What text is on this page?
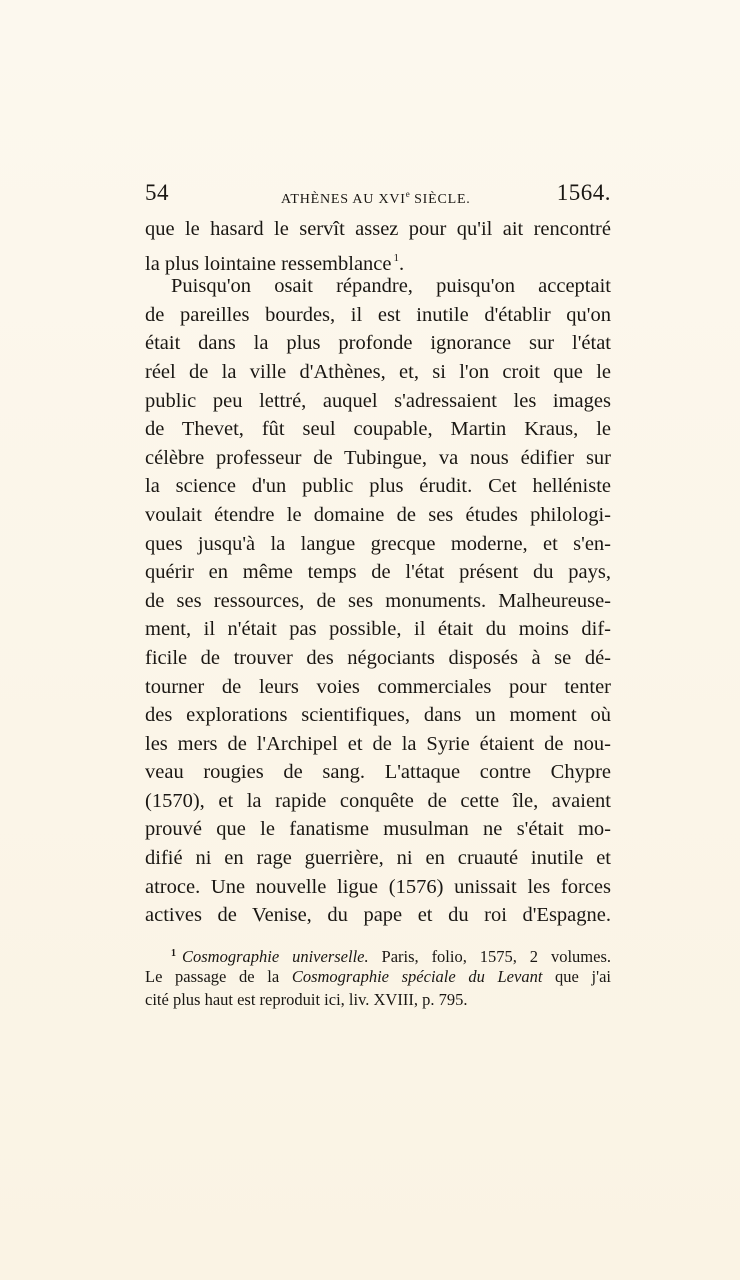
54	ATHÈNES AU XVIe SIÈCLE.	1564.
que le hasard le servît assez pour qu'il ait rencontré
la plus lointaine ressemblance $^1$.
Puisqu'on osait répandre, puisqu'on acceptait
de pareilles bourdes, il est inutile d'établir qu'on
était dans la plus profonde ignorance sur l'état
réel de la ville d'Athènes, et, si l'on croit que le
public peu lettré, auquel s'adressaient les images
de Thevet, fût seul coupable, Martin Kraus, le
célèbre professeur de Tubingue, va nous édifier sur
la science d'un public plus érudit. Cet helléniste
voulait étendre le domaine de ses études philologi-
ques jusqu'à la langue grecque moderne, et s'en-
quérir en même temps de l'état présent du pays,
de ses ressources, de ses monuments. Malheureuse-
ment, il n'était pas possible, il était du moins dif-
ficile de trouver des négociants disposés à se dé-
tourner de leurs voies commerciales pour tenter
des explorations scientifiques, dans un moment où
les mers de l'Archipel et de la Syrie étaient de nou-
veau rougies de sang. L'attaque contre Chypre
(1570), et la rapide conquête de cette île, avaient
prouvé que le fanatisme musulman ne s'était mo-
difié ni en rage guerrière, ni en cruauté inutile et
atroce. Une nouvelle ligue (1576) unissait les forces
actives de Venise, du pape et du roi d'Espagne.
$^1$ Cosmographie universelle. Paris, folio, 1575, 2 volumes.
Le passage de la Cosmographie spéciale du Levant que j'ai
cité plus haut est reproduit ici, liv. XVIII, p. 795.
